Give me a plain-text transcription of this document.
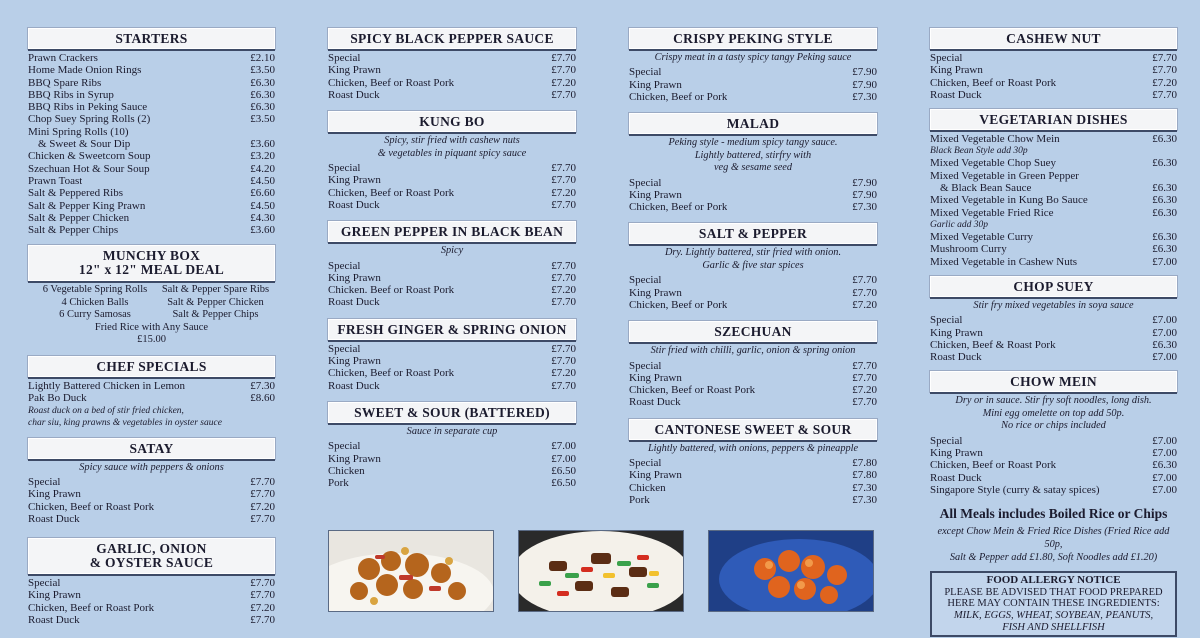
STARTERS
Prawn Crackers	£2.10
Home Made Onion Rings	£3.50
BBQ Spare Ribs	£6.30
BBQ Ribs in Syrup	£6.30
BBQ Ribs in Peking Sauce	£6.30
Chop Suey Spring Rolls (2)	£3.50
Mini Spring Rolls (10)
& Sweet & Sour Dip	£3.60
Chicken & Sweetcorn Soup	£3.20
Szechuan Hot & Sour Soup	£4.20
Prawn Toast	£4.50
Salt & Peppered Ribs	£6.60
Salt & Pepper King Prawn	£4.50
Salt & Pepper Chicken	£4.30
Salt & Pepper Chips	£3.60
MUNCHY BOX
12" x 12" MEAL DEAL
6 Vegetable Spring Rolls	Salt & Pepper Spare Ribs
4 Chicken Balls	Salt & Pepper Chicken
6 Curry Samosas	Salt & Pepper Chips
Fried Rice with Any Sauce
£15.00
CHEF SPECIALS
Lightly Battered Chicken in Lemon	£7.30
Pak Bo Duck	£8.60
Roast duck on a bed of stir fried chicken,
char siu, king prawns & vegetables in oyster sauce
SATAY
Spicy sauce with peppers & onions
Special	£7.70
King Prawn	£7.70
Chicken, Beef or Roast Pork	£7.20
Roast Duck	£7.70
GARLIC, ONION
& OYSTER SAUCE
Special	£7.70
King Prawn	£7.70
Chicken, Beef or Roast Pork	£7.20
Roast Duck	£7.70
SPICY BLACK PEPPER SAUCE
Special	£7.70
King Prawn	£7.70
Chicken, Beef or Roast Pork	£7.20
Roast Duck	£7.70
KUNG BO
Spicy, stir fried with cashew nuts
& vegetables in piquant spicy sauce
Special	£7.70
King Prawn	£7.70
Chicken, Beef or Roast Pork	£7.20
Roast Duck	£7.70
GREEN PEPPER IN BLACK BEAN
Spicy
Special	£7.70
King Prawn	£7.70
Chicken. Beef or Roast Pork	£7.20
Roast Duck	£7.70
FRESH GINGER & SPRING ONION
Special	£7.70
King Prawn	£7.70
Chicken, Beef or Roast Pork	£7.20
Roast Duck	£7.70
SWEET & SOUR (BATTERED)
Sauce in separate cup
Special	£7.00
King Prawn	£7.00
Chicken	£6.50
Pork	£6.50
CRISPY PEKING STYLE
Crispy meat in a tasty spicy tangy Peking sauce
Special	£7.90
King Prawn	£7.90
Chicken, Beef or Pork	£7.30
MALAD
Peking style - medium spicy tangy sauce.
Lightly battered, stirfry with
veg & sesame seed
Special	£7.90
King Prawn	£7.90
Chicken, Beef or Pork	£7.30
SALT & PEPPER
Dry. Lightly battered, stir fried with onion.
Garlic & five star spices
Special	£7.70
King Prawn	£7.70
Chicken, Beef or Pork	£7.20
SZECHUAN
Stir fried with chilli, garlic, onion & spring onion
Special	£7.70
King Prawn	£7.70
Chicken, Beef or Roast Pork	£7.20
Roast Duck	£7.70
CANTONESE SWEET & SOUR
Lightly battered, with onions, peppers & pineapple
Special	£7.80
King Prawn	£7.80
Chicken	£7.30
Pork	£7.30
CASHEW NUT
Special	£7.70
King Prawn	£7.70
Chicken, Beef or Roast Pork	£7.20
Roast Duck	£7.70
VEGETARIAN DISHES
Mixed Vegetable Chow Mein	£6.30
Black Bean Style add 30p
Mixed Vegetable Chop Suey	£6.30
Mixed Vegetable in Green Pepper
& Black Bean Sauce	£6.30
Mixed Vegetable in Kung Bo Sauce	£6.30
Mixed Vegetable Fried Rice	£6.30
Garlic add 30p
Mixed Vegetable Curry	£6.30
Mushroom Curry	£6.30
Mixed Vegetable in Cashew Nuts	£7.00
CHOP SUEY
Stir fry mixed vegetables in soya sauce
Special	£7.00
King Prawn	£7.00
Chicken, Beef & Roast Pork	£6.30
Roast Duck	£7.00
CHOW MEIN
Dry or in sauce. Stir fry soft noodles, long dish.
Mini egg omelette on top add 50p.
No rice or chips included
Special	£7.00
King Prawn	£7.00
Chicken, Beef or Roast Pork	£6.30
Roast Duck	£7.00
Singapore Style (curry & satay spices)	£7.00
All Meals includes Boiled Rice or Chips
except Chow Mein & Fried Rice Dishes (Fried Rice add 50p,
Salt & Pepper add £1.80, Soft Noodles add £1.20)
FOOD ALLERGY NOTICE
PLEASE BE ADVISED THAT FOOD PREPARED
HERE MAY CONTAIN THESE INGREDIENTS:
MILK, EGGS, WHEAT, SOYBEAN, PEANUTS,
FISH AND SHELLFISH
